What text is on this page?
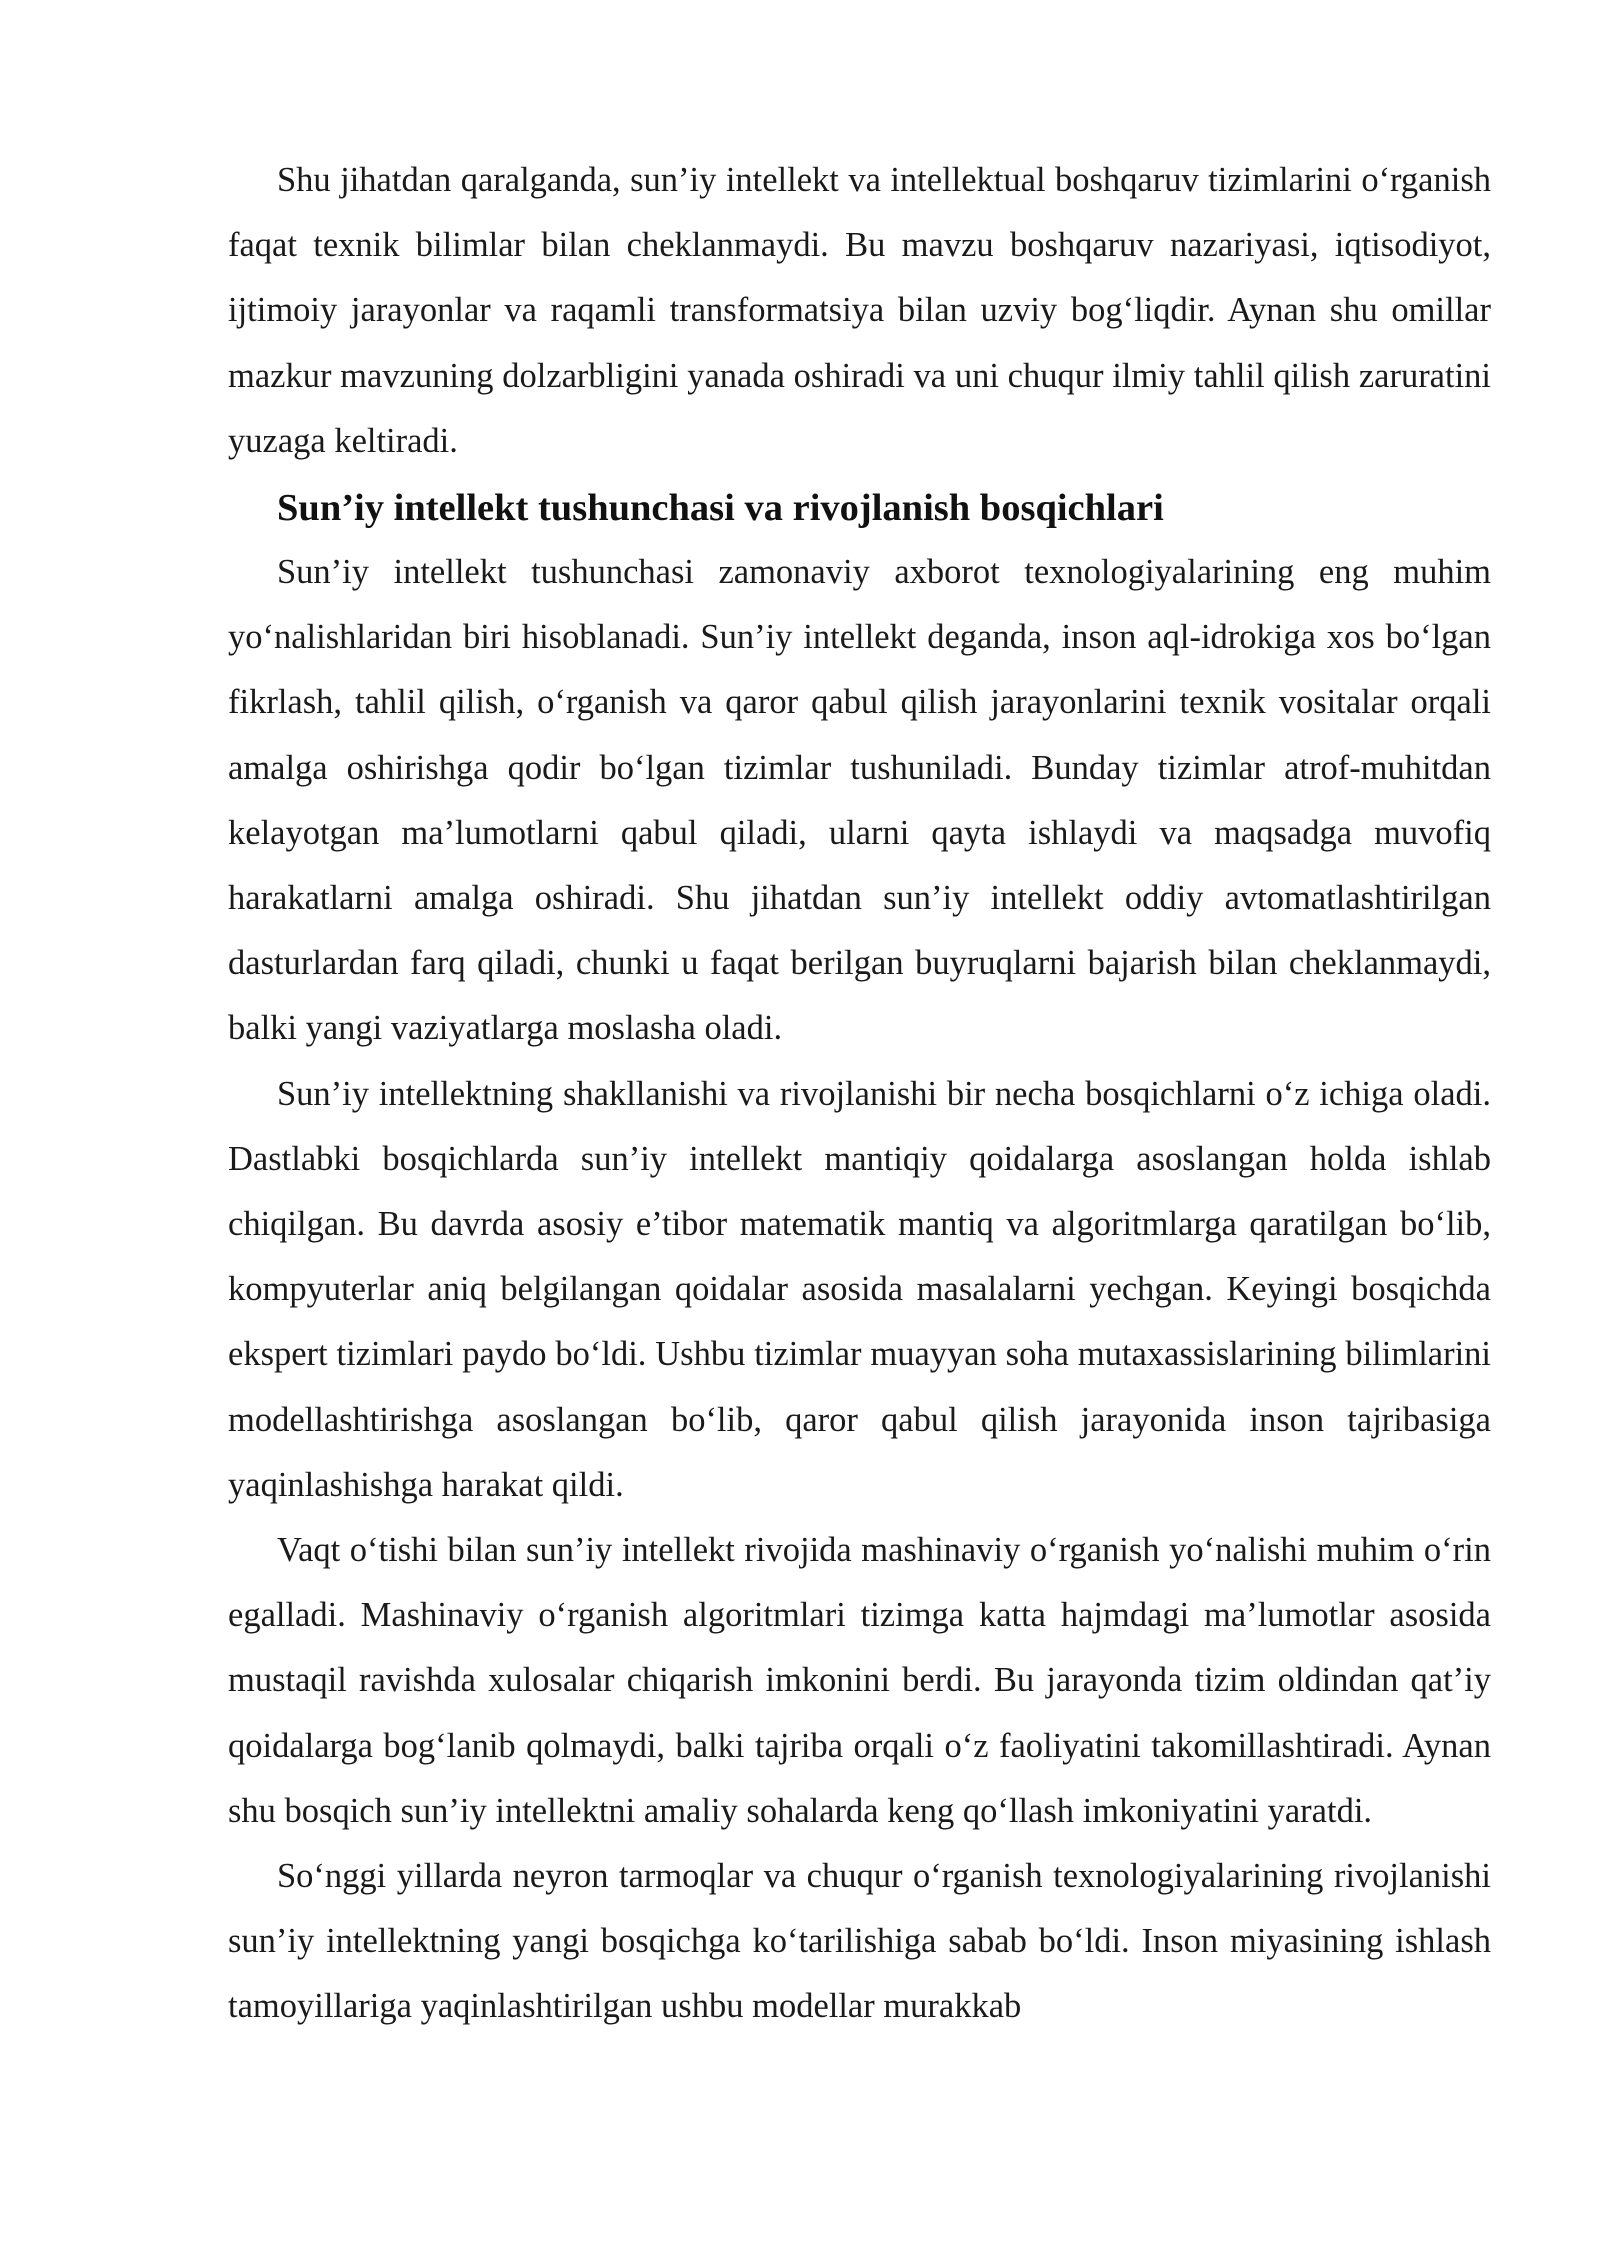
Shu jihatdan qaralganda, sun’iy intellekt va intellektual boshqaruv tizimlarini o‘rganish faqat texnik bilimlar bilan cheklanmaydi. Bu mavzu boshqaruv nazariyasi, iqtisodiyot, ijtimoiy jarayonlar va raqamli transformatsiya bilan uzviy bog‘liqdir. Aynan shu omillar mazkur mavzuning dolzarbligini yanada oshiradi va uni chuqur ilmiy tahlil qilish zaruratini yuzaga keltiradi.

Sun’iy intellekt tushunchasi va rivojlanish bosqichlari

Sun’iy intellekt tushunchasi zamonaviy axborot texnologiyalarining eng muhim yo‘nalishlaridan biri hisoblanadi. Sun’iy intellekt deganda, inson aql-idrokiga xos bo‘lgan fikrlash, tahlil qilish, o‘rganish va qaror qabul qilish jarayonlarini texnik vositalar orqali amalga oshirishga qodir bo‘lgan tizimlar tushuniladi. Bunday tizimlar atrof-muhitdan kelayotgan ma’lumotlarni qabul qiladi, ularni qayta ishlaydi va maqsadga muvofiq harakatlarni amalga oshiradi. Shu jihatdan sun’iy intellekt oddiy avtomatlashtirilgan dasturlardan farq qiladi, chunki u faqat berilgan buyruqlarni bajarish bilan cheklanmaydi, balki yangi vaziyatlarga moslasha oladi.

Sun’iy intellektning shakllanishi va rivojlanishi bir necha bosqichlarni o‘z ichiga oladi. Dastlabki bosqichlarda sun’iy intellekt mantiqiy qoidalarga asoslangan holda ishlab chiqilgan. Bu davrda asosiy e’tibor matematik mantiq va algoritmlarga qaratilgan bo‘lib, kompyuterlar aniq belgilangan qoidalar asosida masalalarni yechgan. Keyingi bosqichda ekspert tizimlari paydo bo‘ldi. Ushbu tizimlar muayyan soha mutaxassislarining bilimlarini modellashtirishga asoslangan bo‘lib, qaror qabul qilish jarayonida inson tajribasiga yaqinlashishga harakat qildi.

Vaqt o‘tishi bilan sun’iy intellekt rivojida mashinaviy o‘rganish yo‘nalishi muhim o‘rin egalladi. Mashinaviy o‘rganish algoritmlari tizimga katta hajmdagi ma’lumotlar asosida mustaqil ravishda xulosalar chiqarish imkonini berdi. Bu jarayonda tizim oldindan qat’iy qoidalarga bog‘lanib qolmaydi, balki tajriba orqali o‘z faoliyatini takomillashtiradi. Aynan shu bosqich sun’iy intellektni amaliy sohalarda keng qo‘llash imkoniyatini yaratdi.

So‘nggi yillarda neyron tarmoqlar va chuqur o‘rganish texnologiyalarining rivojlanishi sun’iy intellektning yangi bosqichga ko‘tarilishiga sabab bo‘ldi. Inson miyasining ishlash tamoyillariga yaqinlashtirilgan ushbu modellar murakkab
